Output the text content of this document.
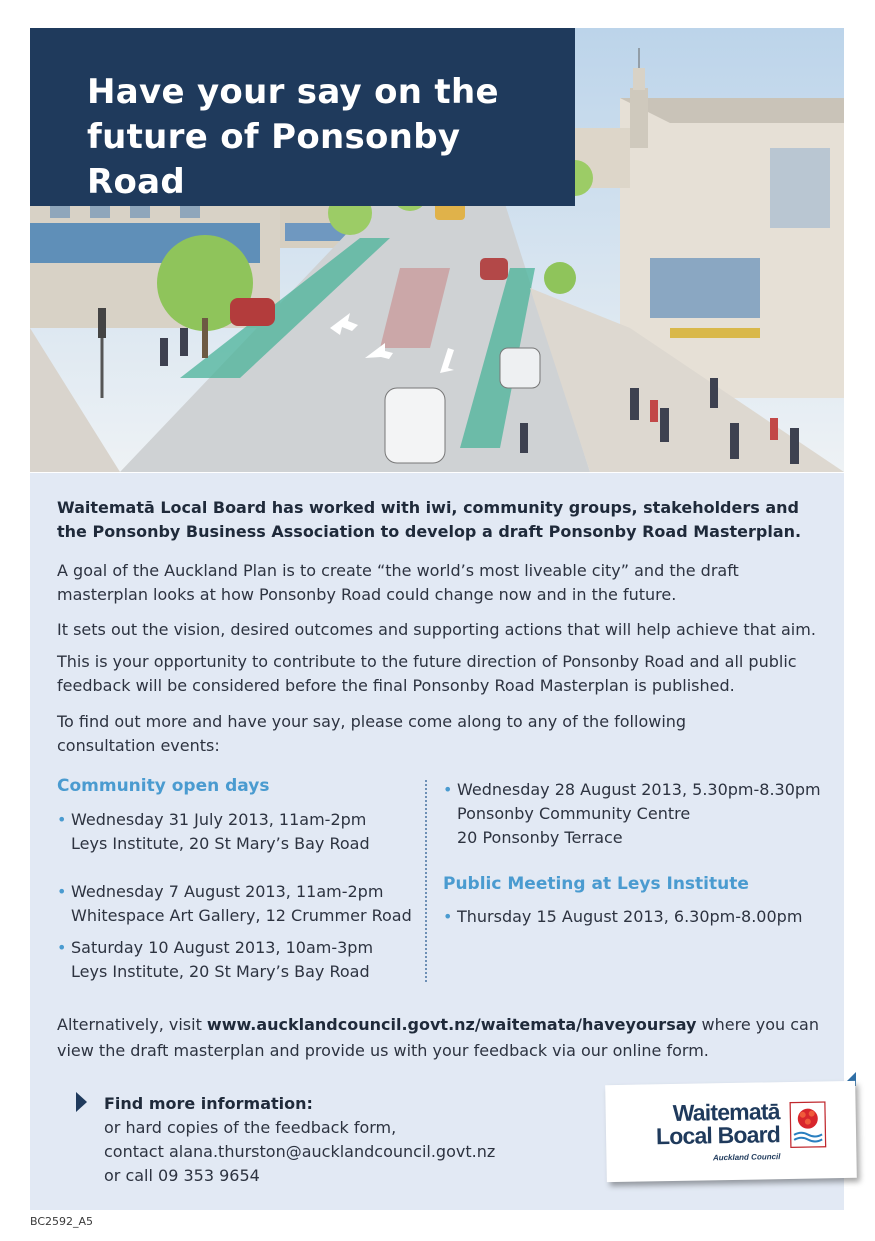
Have your say on the future of Ponsonby Road
Waitematā Local Board has worked with iwi, community groups, stakeholders and the Ponsonby Business Association to develop a draft Ponsonby Road Masterplan.

A goal of the Auckland Plan is to create “the world’s most liveable city” and the draft masterplan looks at how Ponsonby Road could change now and in the future.

It sets out the vision, desired outcomes and supporting actions that will help achieve that aim.

This is your opportunity to contribute to the future direction of Ponsonby Road and all public feedback will be considered before the final Ponsonby Road Masterplan is published.

To find out more and have your say, please come along to any of the following consultation events:

Community open days
• Wednesday 31 July 2013, 11am-2pm
Leys Institute, 20 St Mary’s Bay Road
• Wednesday 7 August 2013, 11am-2pm
Whitespace Art Gallery, 12 Crummer Road
• Saturday 10 August 2013, 10am-3pm
Leys Institute, 20 St Mary’s Bay Road
• Wednesday 28 August 2013, 5.30pm-8.30pm
Ponsonby Community Centre
20 Ponsonby Terrace
Public Meeting at Leys Institute
• Thursday 15 August 2013, 6.30pm-8.00pm
Alternatively, visit www.aucklandcouncil.govt.nz/waitemata/haveyoursay where you can view the draft masterplan and provide us with your feedback via our online form.
Find more information:
or hard copies of the feedback form,
contact alana.thurston@aucklandcouncil.govt.nz
or call 09 353 9654
Waitematā
Local Board
Auckland Council
BC2592_A5
